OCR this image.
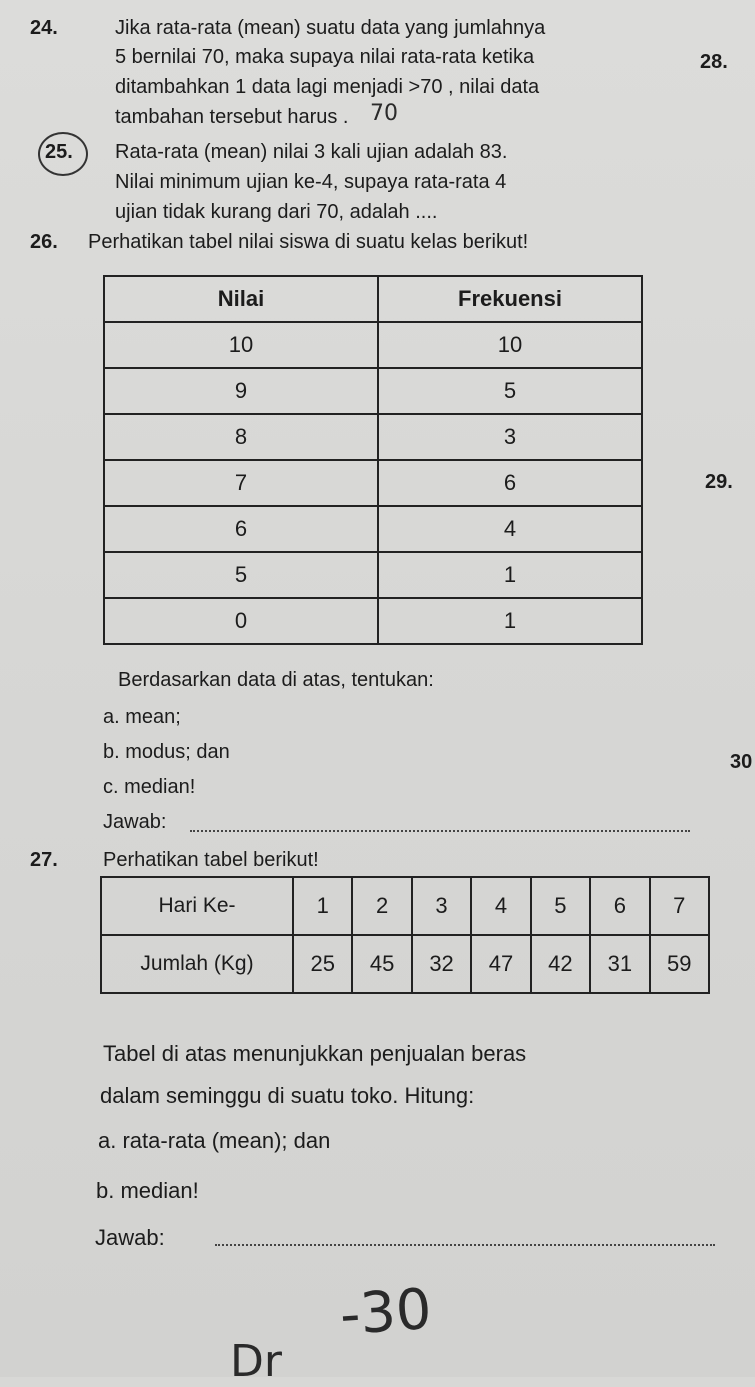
24.	Jika rata-rata (mean) suatu data yang jumlahnya
5 bernilai 70, maka supaya nilai rata-rata ketika
ditambahkan 1 data lagi menjadi >70 , nilai data
tambahan tersebut harus . 70
28.
25. Rata-rata (mean) nilai 3 kali ujian adalah 83.
Nilai minimum ujian ke-4, supaya rata-rata 4
ujian tidak kurang dari 70, adalah ....
26. Perhatikan tabel nilai siswa di suatu kelas berikut!
Nilai	Frekuensi
10	10
9	5
8	3
7	6
6	4
5	1
0	1
29.
Berdasarkan data di atas, tentukan:
a. mean;
b. modus; dan
c. median!
Jawab:
30
27. Perhatikan tabel berikut!
Hari Ke-	1	2	3	4	5	6	7
Jumlah (Kg)	25	45	32	47	42	31	59
Tabel di atas menunjukkan penjualan beras
dalam seminggu di suatu toko. Hitung:
a. rata-rata (mean); dan
b. median!
Jawab:
-30
Dr
